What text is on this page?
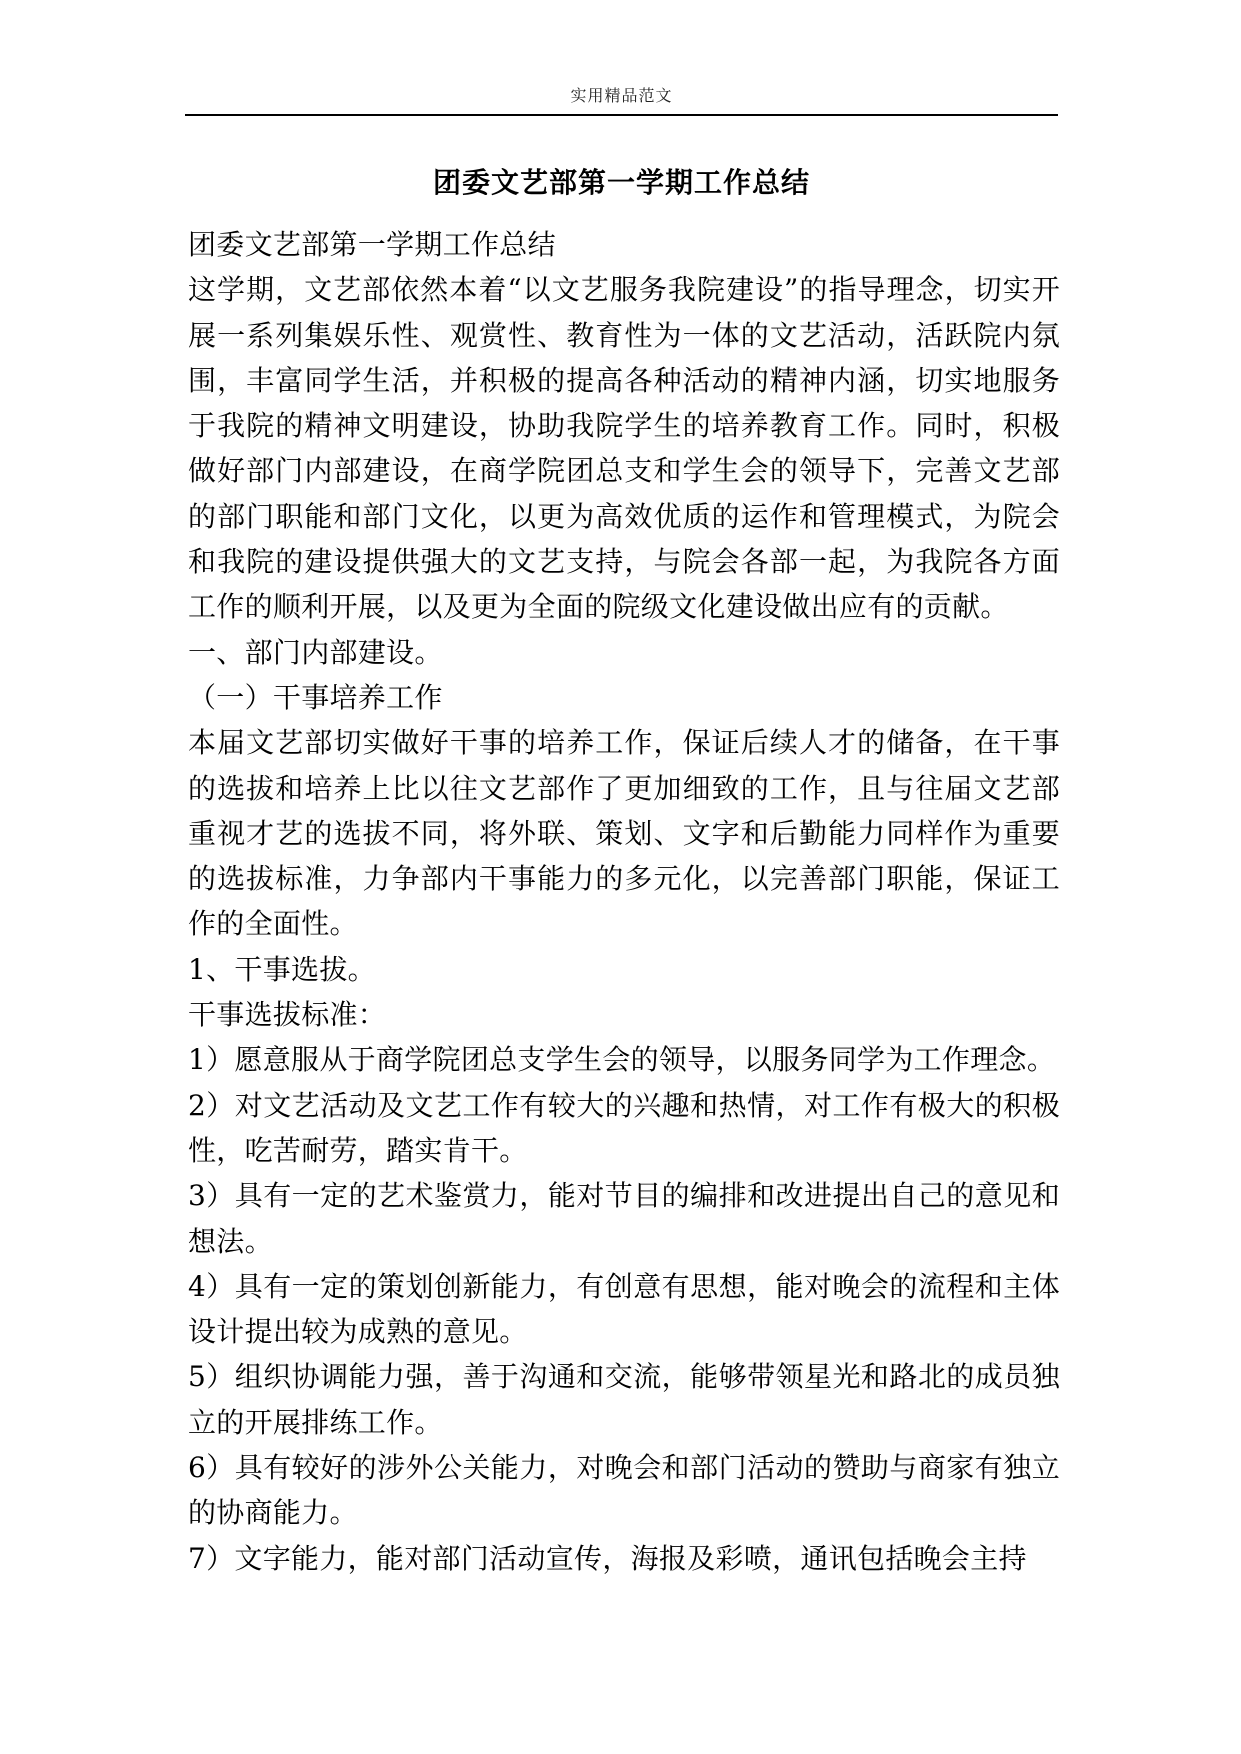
实用精品范文
团委文艺部第一学期工作总结

团委文艺部第一学期工作总结

这学期，文艺部依然本着“以文艺服务我院建设”的指导理念，切实开展一系列集娱乐性、观赏性、教育性为一体的文艺活动，活跃院内氛围，丰富同学生活，并积极的提高各种活动的精神内涵，切实地服务于我院的精神文明建设，协助我院学生的培养教育工作。同时，积极做好部门内部建设，在商学院团总支和学生会的领导下，完善文艺部的部门职能和部门文化，以更为高效优质的运作和管理模式，为院会和我院的建设提供强大的文艺支持，与院会各部一起，为我院各方面工作的顺利开展，以及更为全面的院级文化建设做出应有的贡献。

一、部门内部建设。

（一）干事培养工作

本届文艺部切实做好干事的培养工作，保证后续人才的储备，在干事的选拔和培养上比以往文艺部作了更加细致的工作，且与往届文艺部重视才艺的选拔不同，将外联、策划、文字和后勤能力同样作为重要的选拔标准，力争部内干事能力的多元化，以完善部门职能，保证工作的全面性。

1、干事选拔。

干事选拔标准：

1）愿意服从于商学院团总支学生会的领导，以服务同学为工作理念。

2）对文艺活动及文艺工作有较大的兴趣和热情，对工作有极大的积极性，吃苦耐劳，踏实肯干。

3）具有一定的艺术鉴赏力，能对节目的编排和改进提出自己的意见和想法。

4）具有一定的策划创新能力，有创意有思想，能对晚会的流程和主体设计提出较为成熟的意见。

5）组织协调能力强，善于沟通和交流，能够带领星光和路北的成员独立的开展排练工作。

6）具有较好的涉外公关能力，对晚会和部门活动的赞助与商家有独立的协商能力。

7）文字能力，能对部门活动宣传，海报及彩喷，通讯包括晚会主持
